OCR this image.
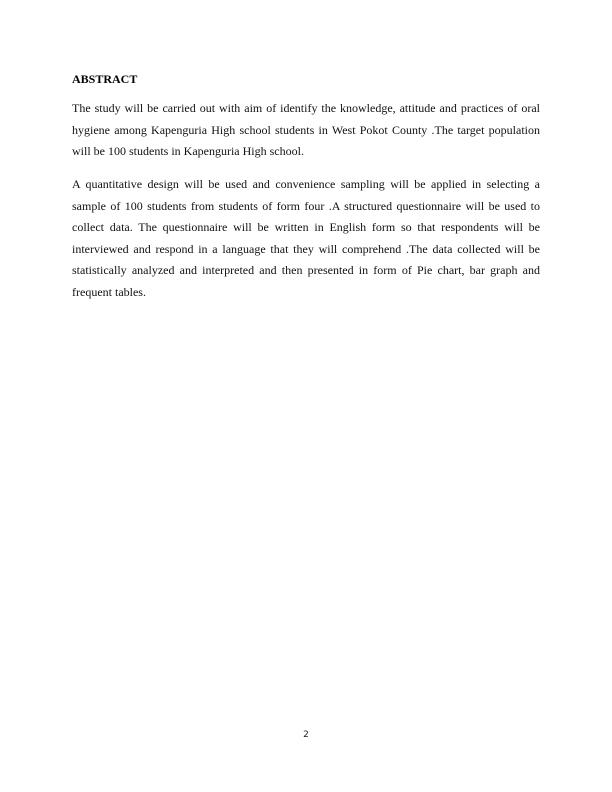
ABSTRACT

The study will be carried out with aim of identify the knowledge, attitude and practices of oral hygiene among Kapenguria High school students in West Pokot County .The target population will be 100 students in Kapenguria High school.

A quantitative design will be used and convenience sampling will be applied in selecting a sample of 100 students from students of form four .A structured questionnaire will be used to collect data. The questionnaire will be written in English form so that respondents will be interviewed and respond in a language that they will comprehend .The data collected will be statistically analyzed and interpreted and then presented in form of Pie chart, bar graph and frequent tables.

2
